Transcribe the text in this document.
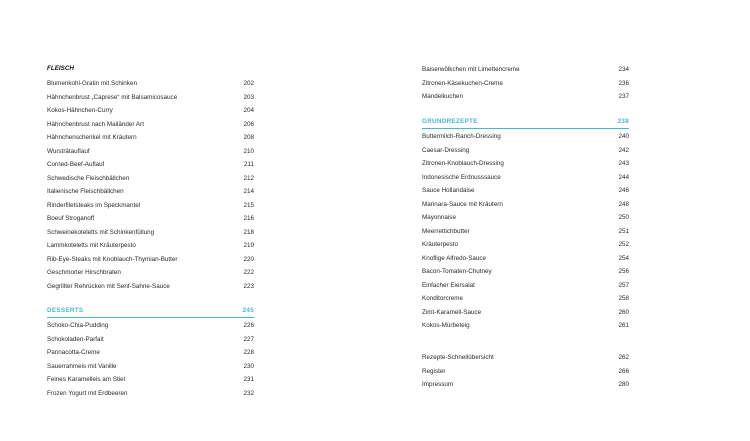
FLEISCH
Blumenkohl-Gratin mit Schinken	202
Hähnchenbrust „Caprese“ mit Balsamicosauce	203
Kokos-Hähnchen-Curry	204
Hähnchenbrust nach Mailänder Art	206
Hähnchenschenkel mit Kräutern	208
Wursträtauflauf	210
Corned-Beef-Auflauf	211
Schwedische Fleischbällchen	212
Italienische Fleischbällchen	214
Rinderfiletsteaks im Speckmantel	215
Boeuf Stroganoff	216
Schweinekoteletts mit Schinkenfüllung	218
Lammkoteletts mit Kräuterpesto	219
Rib-Eye-Steaks mit Knoblauch-Thymian-Butter	220
Geschmorter Hirschbraten	222
Gegrillter Rehrücken mit Senf-Sahne-Sauce	223
DESSERTS	245
Schoko-Chia-Pudding	226
Schokoladen-Parfait	227
Pannacotta-Creme	228
Sauerrahmeis mit Vanille	230
Feines Karamelleis am Stiel	231
Frozen Yogurt mit Erdbeeren	232
Baiserwölkchen mit Limettencreme	234
Zitronen-Käsekuchen-Creme	236
Mandelkuchen	237
GRUNDREZEPTE	238
Buttermilch-Ranch-Dressing	240
Caesar-Dressing	242
Zitronen-Knoblauch-Dressing	243
Indonesische Erdnusssauce	244
Sauce Hollandaise	246
Marinara-Sauce mit Kräutern	248
Mayonnaise	250
Meerrettichbutter	251
Kräuterpesto	252
Knoflige Alfredo-Sauce	254
Bacon-Tomaten-Chutney	256
Einfacher Eiersalat	257
Konditorcreme	258
Zimt-Karamell-Sauce	260
Kokos-Mürbeteig	261
Rezepte-Schnellübersicht	262
Register	266
Impressum	280
